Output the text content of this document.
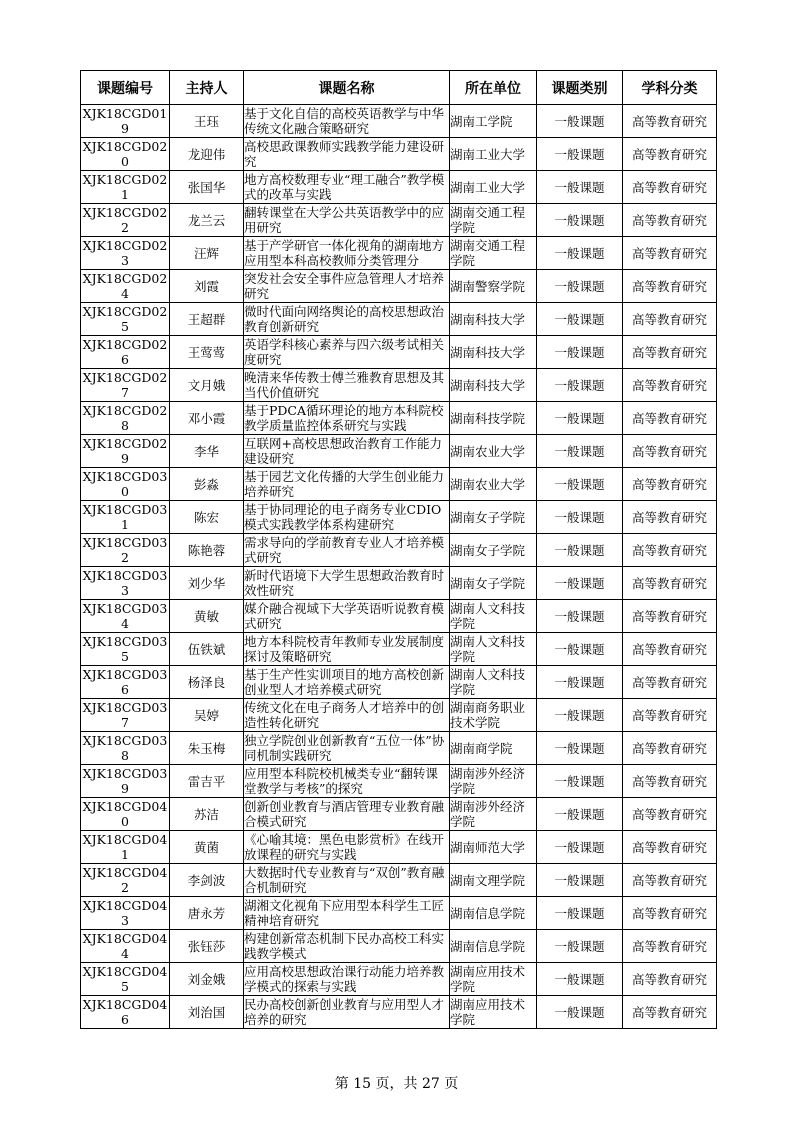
课题编号	主持人	课题名称	所在单位	课题类别	学科分类

XJK18CGD019	王珏	基于文化自信的高校英语教学与中华传统文化融合策略研究	湖南工学院	一般课题	高等教育研究

XJK18CGD020	龙迎伟	高校思政课教师实践教学能力建设研究	湖南工业大学	一般课题	高等教育研究

XJK18CGD021	张国华	地方高校数理专业“理工融合”教学模式的改革与实践	湖南工业大学	一般课题	高等教育研究

XJK18CGD022	龙兰云	翻转课堂在大学公共英语教学中的应用研究	湖南交通工程学院	一般课题	高等教育研究

XJK18CGD023	汪辉	基于产学研官一体化视角的湖南地方应用型本科高校教师分类管理分	湖南交通工程学院	一般课题	高等教育研究

XJK18CGD024	刘霞	突发社会安全事件应急管理人才培养研究	湖南警察学院	一般课题	高等教育研究

XJK18CGD025	王超群	微时代面向网络舆论的高校思想政治教育创新研究	湖南科技大学	一般课题	高等教育研究

XJK18CGD026	王莺莺	英语学科核心素养与四六级考试相关度研究	湖南科技大学	一般课题	高等教育研究

XJK18CGD027	文月娥	晚清来华传教士傅兰雅教育思想及其当代价值研究	湖南科技大学	一般课题	高等教育研究

XJK18CGD028	邓小霞	基于PDCA循环理论的地方本科院校教学质量监控体系研究与实践	湖南科技学院	一般课题	高等教育研究

XJK18CGD029	李华	互联网+高校思想政治教育工作能力建设研究	湖南农业大学	一般课题	高等教育研究

XJK18CGD030	彭淼	基于园艺文化传播的大学生创业能力培养研究	湖南农业大学	一般课题	高等教育研究

XJK18CGD031	陈宏	基于协同理论的电子商务专业CDIO模式实践教学体系构建研究	湖南女子学院	一般课题	高等教育研究

XJK18CGD032	陈艳蓉	需求导向的学前教育专业人才培养模式研究	湖南女子学院	一般课题	高等教育研究

XJK18CGD033	刘少华	新时代语境下大学生思想政治教育时效性研究	湖南女子学院	一般课题	高等教育研究

XJK18CGD034	黄敏	媒介融合视域下大学英语听说教育模式研究	湖南人文科技学院	一般课题	高等教育研究

XJK18CGD035	伍铁斌	地方本科院校青年教师专业发展制度探讨及策略研究	湖南人文科技学院	一般课题	高等教育研究

XJK18CGD036	杨泽良	基于生产性实训项目的地方高校创新创业型人才培养模式研究	湖南人文科技学院	一般课题	高等教育研究

XJK18CGD037	吴婷	传统文化在电子商务人才培养中的创造性转化研究	湖南商务职业技术学院	一般课题	高等教育研究

XJK18CGD038	朱玉梅	独立学院创业创新教育“五位一体”协同机制实践研究	湖南商学院	一般课题	高等教育研究

XJK18CGD039	雷吉平	应用型本科院校机械类专业“翻转课堂教学与考核”的探究	湖南涉外经济学院	一般课题	高等教育研究

XJK18CGD040	苏洁	创新创业教育与酒店管理专业教育融合模式研究	湖南涉外经济学院	一般课题	高等教育研究

XJK18CGD041	黄菌	《心喻其境：黑色电影赏析》在线开放课程的研究与实践	湖南师范大学	一般课题	高等教育研究

XJK18CGD042	李剑波	大数据时代专业教育与“双创”教育融合机制研究	湖南文理学院	一般课题	高等教育研究

XJK18CGD043	唐永芳	湖湘文化视角下应用型本科学生工匠精神培育研究	湖南信息学院	一般课题	高等教育研究

XJK18CGD044	张钰莎	构建创新常态机制下民办高校工科实践教学模式	湖南信息学院	一般课题	高等教育研究

XJK18CGD045	刘金娥	应用高校思想政治课行动能力培养教学模式的探索与实践	湖南应用技术学院	一般课题	高等教育研究

XJK18CGD046	刘治国	民办高校创新创业教育与应用型人才培养的研究	湖南应用技术学院	一般课题	高等教育研究
第 15 页，共 27 页
